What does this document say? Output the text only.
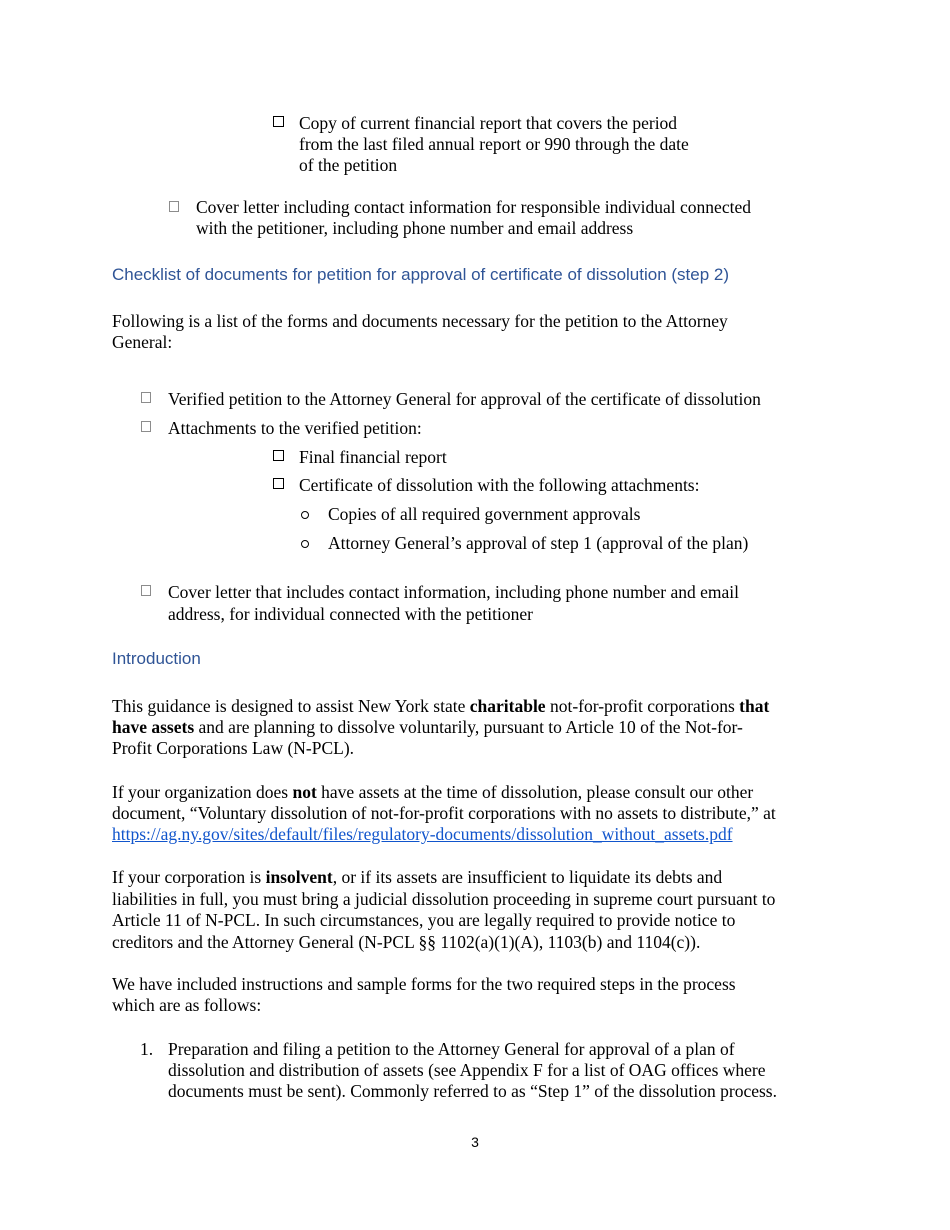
Copy of current financial report that covers the period
from the last filed annual report or 990 through the date
of the petition
Cover letter including contact information for responsible individual connected
with the petitioner, including phone number and email address
Checklist of documents for petition for approval of certificate of dissolution (step 2)
Following is a list of the forms and documents necessary for the petition to the Attorney
General:
Verified petition to the Attorney General for approval of the certificate of dissolution
Attachments to the verified petition:
Final financial report
Certificate of dissolution with the following attachments:
Copies of all required government approvals
Attorney General’s approval of step 1 (approval of the plan)
Cover letter that includes contact information, including phone number and email
address, for individual connected with the petitioner
Introduction
This guidance is designed to assist New York state charitable not-for-profit corporations that
have assets and are planning to dissolve voluntarily, pursuant to Article 10 of the Not-for-
Profit Corporations Law (N-PCL).
If your organization does not have assets at the time of dissolution, please consult our other
document, “Voluntary dissolution of not-for-profit corporations with no assets to distribute,” at
https://ag.ny.gov/sites/default/files/regulatory-documents/dissolution_without_assets.pdf
If your corporation is insolvent, or if its assets are insufficient to liquidate its debts and
liabilities in full, you must bring a judicial dissolution proceeding in supreme court pursuant to
Article 11 of N-PCL. In such circumstances, you are legally required to provide notice to
creditors and the Attorney General (N-PCL §§ 1102(a)(1)(A), 1103(b) and 1104(c)).
We have included instructions and sample forms for the two required steps in the process
which are as follows:
1. Preparation and filing a petition to the Attorney General for approval of a plan of
dissolution and distribution of assets (see Appendix F for a list of OAG offices where
documents must be sent). Commonly referred to as “Step 1” of the dissolution process.
3
